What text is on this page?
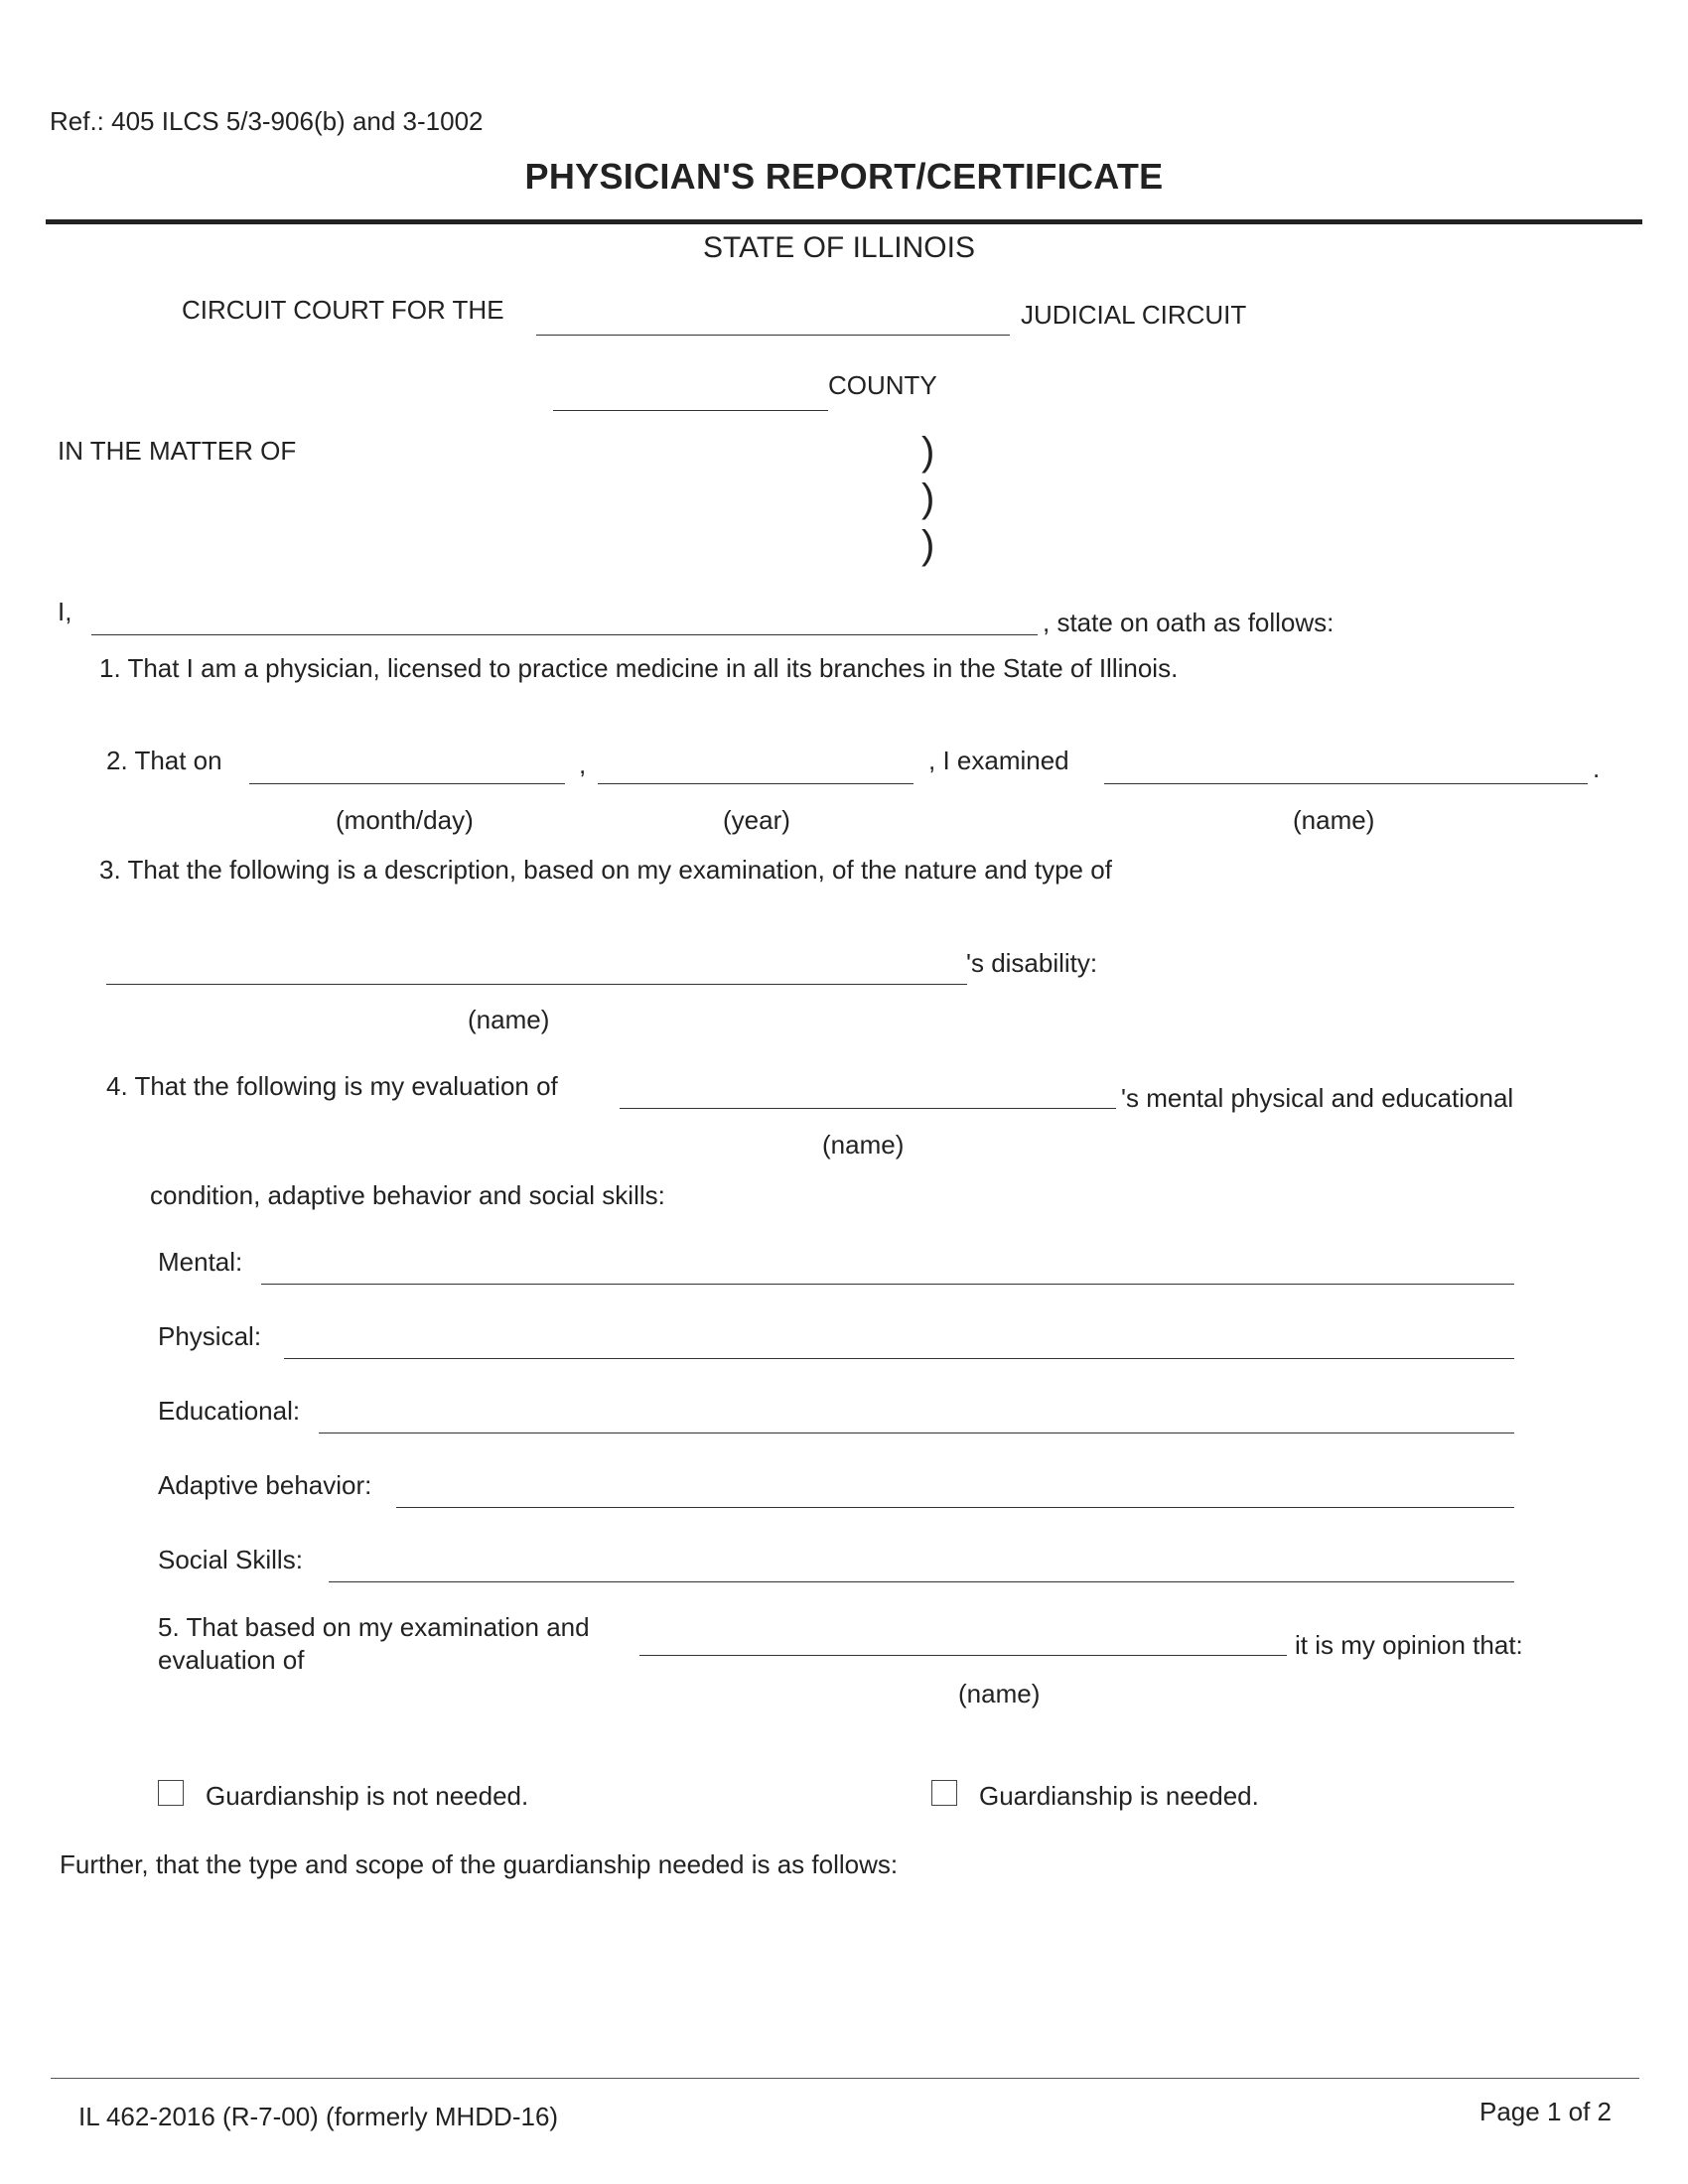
Ref.: 405 ILCS 5/3-906(b) and 3-1002
PHYSICIAN'S REPORT/CERTIFICATE
STATE OF ILLINOIS
CIRCUIT COURT FOR THE	JUDICIAL CIRCUIT
COUNTY
IN THE MATTER OF	)
)
)
I,	, state on oath as follows:
1. That I am a physician, licensed to practice medicine in all its branches in the State of Illinois.
2. That on	,	, I examined	.
(month/day)	(year)	(name)
3. That the following is a description, based on my examination, of the nature and type of
's disability:
(name)
4. That the following is my evaluation of	's mental physical and educational
(name)
condition, adaptive behavior and social skills:
Mental:
Physical:
Educational:
Adaptive behavior:
Social Skills:
5. That based on my examination and
evaluation of	it is my opinion that:
(name)
Guardianship is not needed.	Guardianship is needed.
Further, that the type and scope of the guardianship needed is as follows:
IL 462-2016 (R-7-00) (formerly MHDD-16)	Page 1 of 2
